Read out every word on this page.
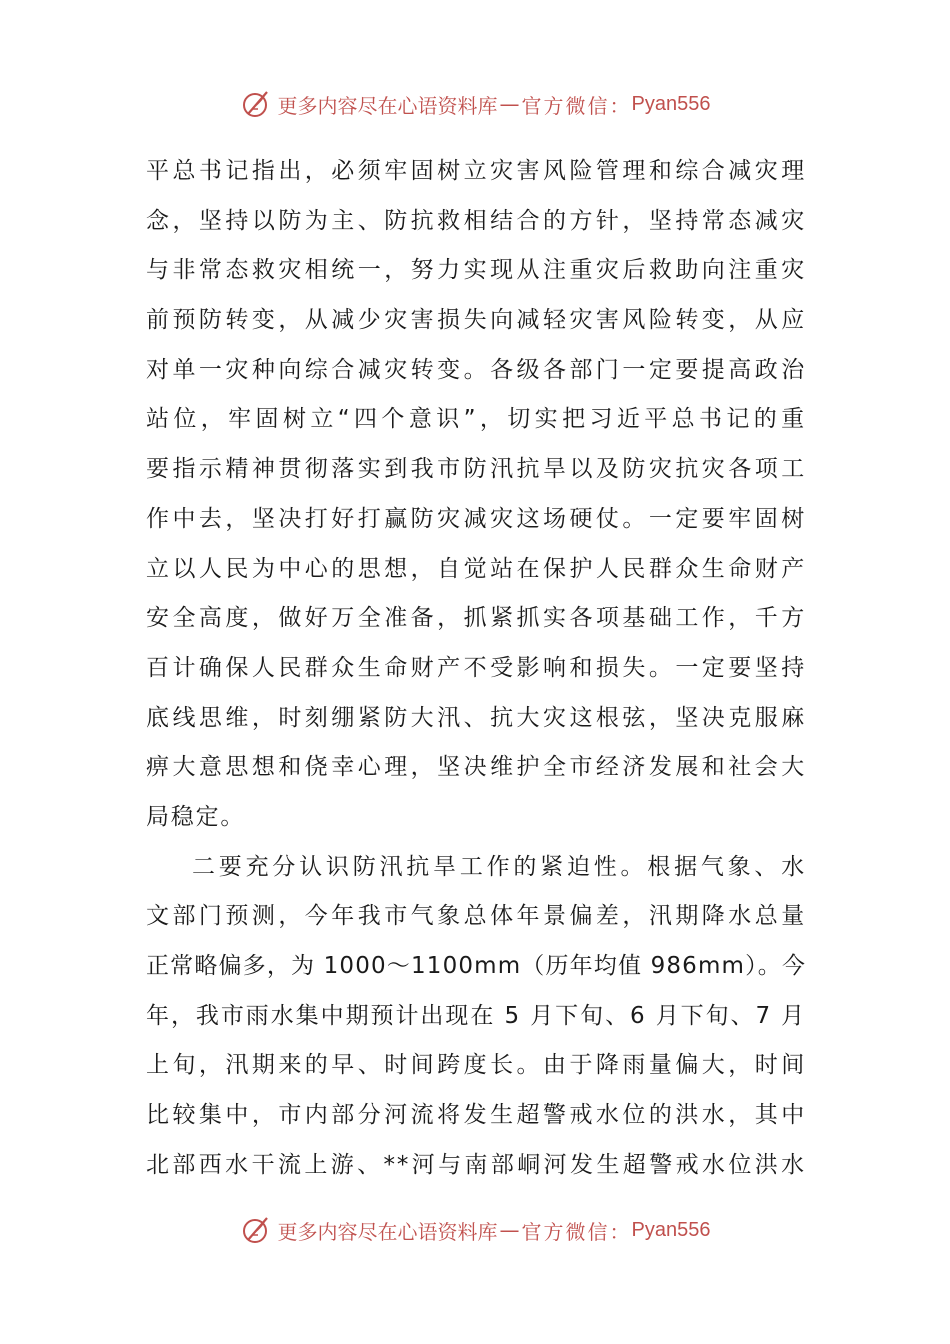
更多内容尽在心语资料库 — 官方微信： Pyan556
平总书记指出，必须牢固树立灾害风险管理和综合减灾理
念，坚持以防为主、防抗救相结合的方针，坚持常态减灾
与非常态救灾相统一，努力实现从注重灾后救助向注重灾
前预防转变，从减少灾害损失向减轻灾害风险转变，从应
对单一灾种向综合减灾转变。各级各部门一定要提高政治
站位，牢固树立“四个意识”，切实把习近平总书记的重
要指示精神贯彻落实到我市防汛抗旱以及防灾抗灾各项工
作中去，坚决打好打赢防灾减灾这场硬仗。一定要牢固树
立以人民为中心的思想，自觉站在保护人民群众生命财产
安全高度，做好万全准备，抓紧抓实各项基础工作，千方
百计确保人民群众生命财产不受影响和损失。一定要坚持
底线思维，时刻绷紧防大汛、抗大灾这根弦，坚决克服麻
痹大意思想和侥幸心理，坚决维护全市经济发展和社会大
局稳定。
二要充分认识防汛抗旱工作的紧迫性。根据气象、水
文部门预测，今年我市气象总体年景偏差，汛期降水总量
正常略偏多，为 1000～1100mm（历年均值 986mm）。今
年，我市雨水集中期预计出现在 5 月下旬、6 月下旬、7 月
上旬，汛期来的早、时间跨度长。由于降雨量偏大，时间
比较集中，市内部分河流将发生超警戒水位的洪水，其中
北部西水干流上游、**河与南部峒河发生超警戒水位洪水
更多内容尽在心语资料库 — 官方微信： Pyan556
